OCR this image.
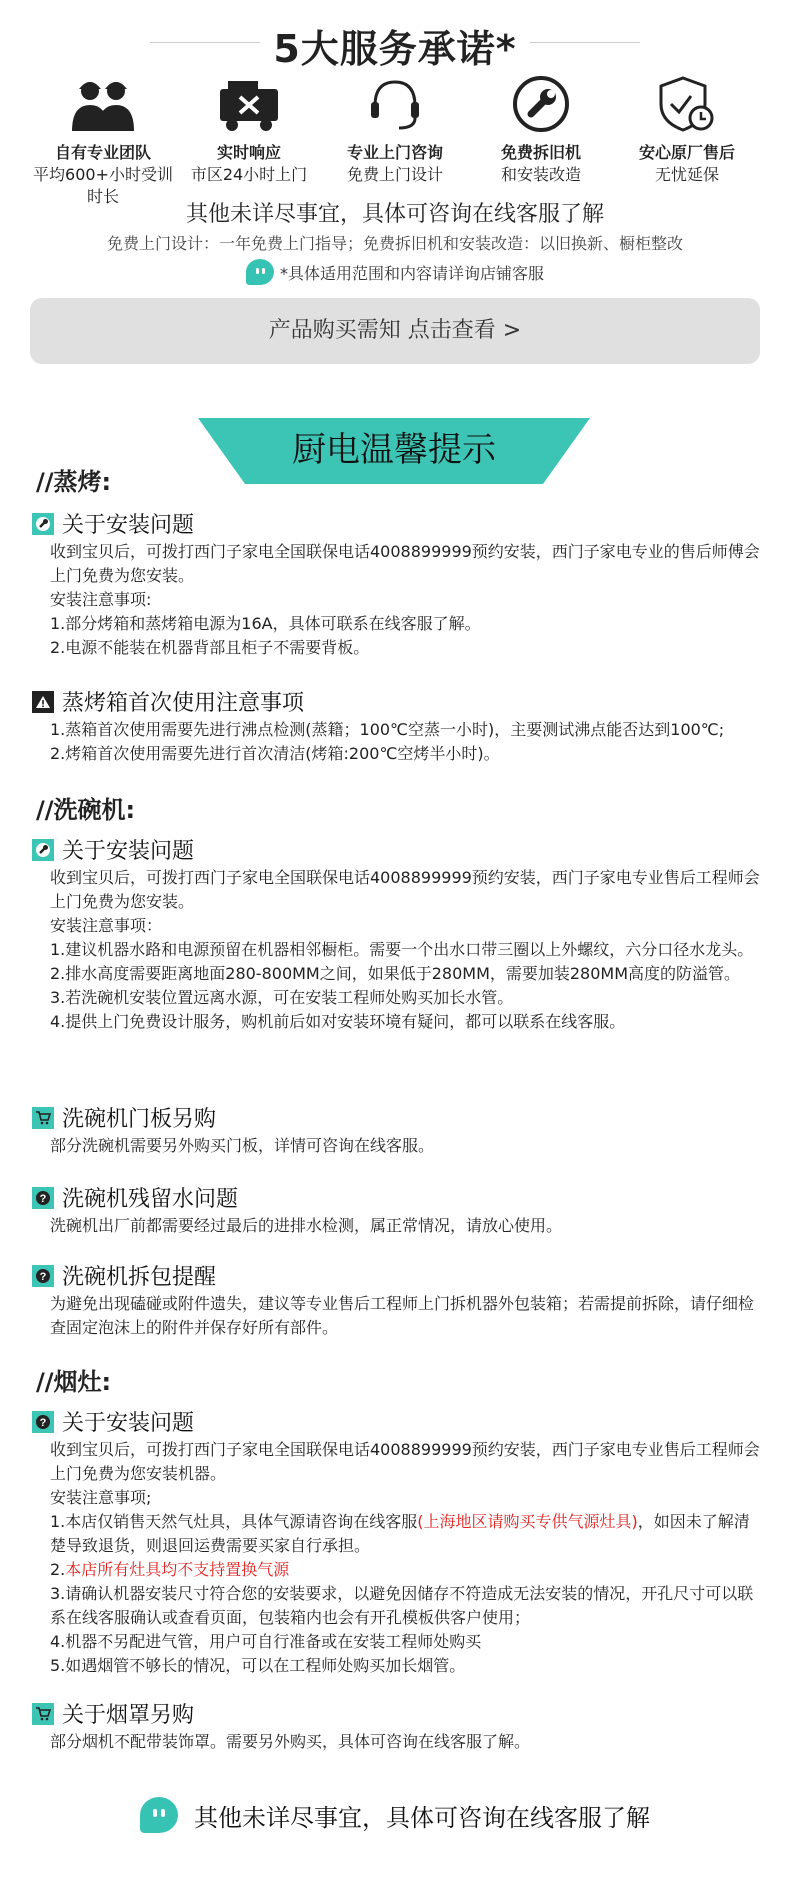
5大服务承诺*
自有专业团队
平均600+小时受训时长
实时响应
市区24小时上门
专业上门咨询
免费上门设计
免费拆旧机
和安装改造
安心原厂售后
无忧延保
其他未详尽事宜，具体可咨询在线客服了解
免费上门设计：一年免费上门指导；免费拆旧机和安装改造：以旧换新、橱柜整改
*具体适用范围和内容请详询店铺客服
产品购买需知 点击查看 >
厨电温馨提示
//蒸烤:
关于安装问题
收到宝贝后，可拨打西门子家电全国联保电话4008899999预约安装，西门子家电专业的售后师傅会上门免费为您安装。
安装注意事项:
1.部分烤箱和蒸烤箱电源为16A，具体可联系在线客服了解。
2.电源不能装在机器背部且柜子不需要背板。
蒸烤箱首次使用注意事项
1.蒸箱首次使用需要先进行沸点检测(蒸籍；100℃空蒸一小时)，主要测试沸点能否达到100℃;
2.烤箱首次使用需要先进行首次清洁(烤箱:200℃空烤半小时)。
//洗碗机:
关于安装问题
收到宝贝后，可拨打西门子家电全国联保电话4008899999预约安装，西门子家电专业售后工程师会上门免费为您安装。
安装注意事项：
1.建议机器水路和电源预留在机器相邻橱柜。需要一个出水口带三圈以上外螺纹，六分口径水龙头。
2.排水高度需要距离地面280-800MM之间，如果低于280MM，需要加装280MM高度的防溢管。
3.若洗碗机安装位置远离水源，可在安装工程师处购买加长水管。
4.提供上门免费设计服务，购机前后如对安装环境有疑问，都可以联系在线客服。
洗碗机门板另购
部分洗碗机需要另外购买门板，详情可咨询在线客服。
? 洗碗机残留水问题
洗碗机出厂前都需要经过最后的进排水检测，属正常情况，请放心使用。
? 洗碗机拆包提醒
为避免出现磕碰或附件遗失，建议等专业售后工程师上门拆机器外包装箱；若需提前拆除，请仔细检查固定泡沫上的附件并保存好所有部件。
//烟灶:
? 关于安装问题
收到宝贝后，可拨打西门子家电全国联保电话4008899999预约安装，西门子家电专业售后工程师会上门免费为您安装机器。
安装注意事项;
1.本店仅销售天然气灶具，具体气源请咨询在线客服(上海地区请购买专供气源灶具)，如因未了解清楚导致退货，则退回运费需要买家自行承担。
2.本店所有灶具均不支持置换气源
3.请确认机器安装尺寸符合您的安装要求，以避免因储存不符造成无法安装的情况，开孔尺寸可以联系在线客服确认或查看页面，包装箱内也会有开孔模板供客户使用；
4.机器不另配进气管，用户可自行准备或在安装工程师处购买
5.如遇烟管不够长的情况，可以在工程师处购买加长烟管。
关于烟罩另购
部分烟机不配带装饰罩。需要另外购买，具体可咨询在线客服了解。
其他未详尽事宜，具体可咨询在线客服了解
